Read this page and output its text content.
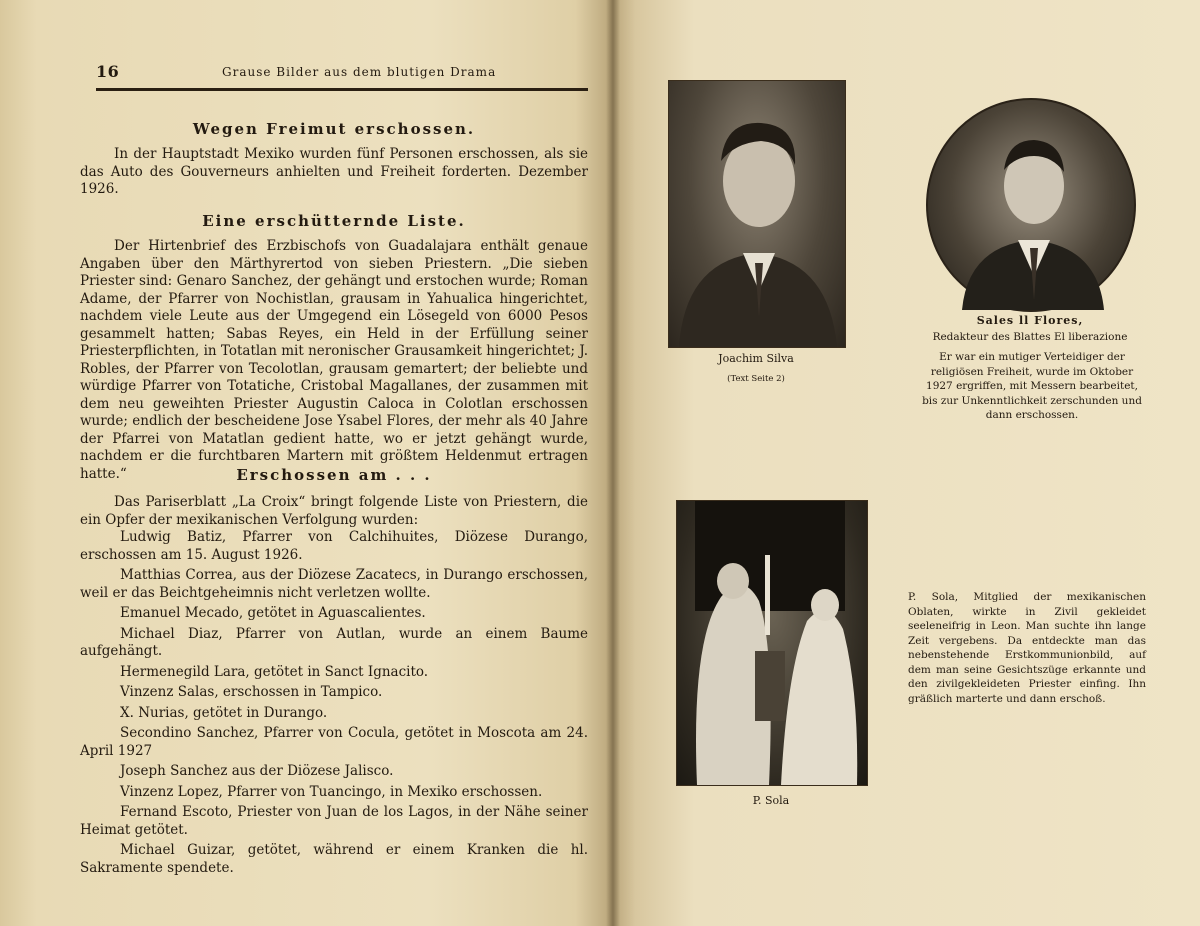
16	Grause Bilder aus dem blutigen Drama
Wegen Freimut erschossen.

In der Hauptstadt Mexiko wurden fünf Personen erschossen, als sie das Auto des Gouverneurs anhielten und Freiheit forderten. Dezember 1926.

Eine erschütternde Liste.

Der Hirtenbrief des Erzbischofs von Guadalajara enthält genaue Angaben über den Märthyrertod von sieben Priestern. „Die sieben Priester sind: Genaro Sanchez, der gehängt und erstochen wurde; Roman Adame, der Pfarrer von Nochistlan, grausam in Yahualica hingerichtet, nachdem viele Leute aus der Umgegend ein Lösegeld von 6000 Pesos gesammelt hatten; Sabas Reyes, ein Held in der Erfüllung seiner Priesterpflichten, in Totatlan mit neronischer Grausamkeit hingerichtet; J. Robles, der Pfarrer von Tecolotlan, grausam gemartert; der beliebte und würdige Pfarrer von Totatiche, Cristobal Magallanes, der zusammen mit dem neu geweihten Priester Augustin Caloca in Colotlan erschossen wurde; endlich der bescheidene Jose Ysabel Flores, der mehr als 40 Jahre der Pfarrei von Matatlan gedient hatte, wo er jetzt gehängt wurde, nachdem er die furchtbaren Martern mit größtem Heldenmut ertragen hatte.“	Erschossen am . . .

Das Pariserblatt „La Croix“ bringt folgende Liste von Priestern, die ein Opfer der mexikanischen Verfolgung wurden:

Ludwig Batiz, Pfarrer von Calchihuites, Diözese Durango, erschossen am 15. August 1926.

Matthias Correa, aus der Diözese Zacatecs, in Durango erschossen, weil er das Beichtgeheimnis nicht verletzen wollte.

Emanuel Mecado, getötet in Aguascalientes.

Michael Diaz, Pfarrer von Autlan, wurde an einem Baume aufgehängt.

Hermenegild Lara, getötet in Sanct Ignacito.

Vinzenz Salas, erschossen in Tampico.

X. Nurias, getötet in Durango.

Secondino Sanchez, Pfarrer von Cocula, getötet in Moscota am 24. April 1927

Joseph Sanchez aus der Diözese Jalisco.

Vinzenz Lopez, Pfarrer von Tuancingo, in Mexiko erschossen.

Fernand Escoto, Priester von Juan de los Lagos, in der Nähe seiner Heimat getötet.

Michael Guizar, getötet, während er einem Kranken die hl. Sakramente spendete.

Joachim Silva
(Text Seite 2)
Sales ll Flores,
Redakteur des Blattes El liberazione
Er war ein mutiger Verteidiger der religiösen Freiheit, wurde im Oktober 1927 ergriffen, mit Messern bearbeitet, bis zur Unkenntlichkeit zerschunden und dann erschossen.
P. Sola
P. Sola, Mitglied der mexikanischen Oblaten, wirkte in Zivil gekleidet seeleneifrig in Leon. Man suchte ihn lange Zeit vergebens. Da entdeckte man das nebenstehende Erstkommunionbild, auf dem man seine Gesichtszüge erkannte und den zivilgekleideten Priester einfing. Ihn gräßlich marterte und dann erschoß.
